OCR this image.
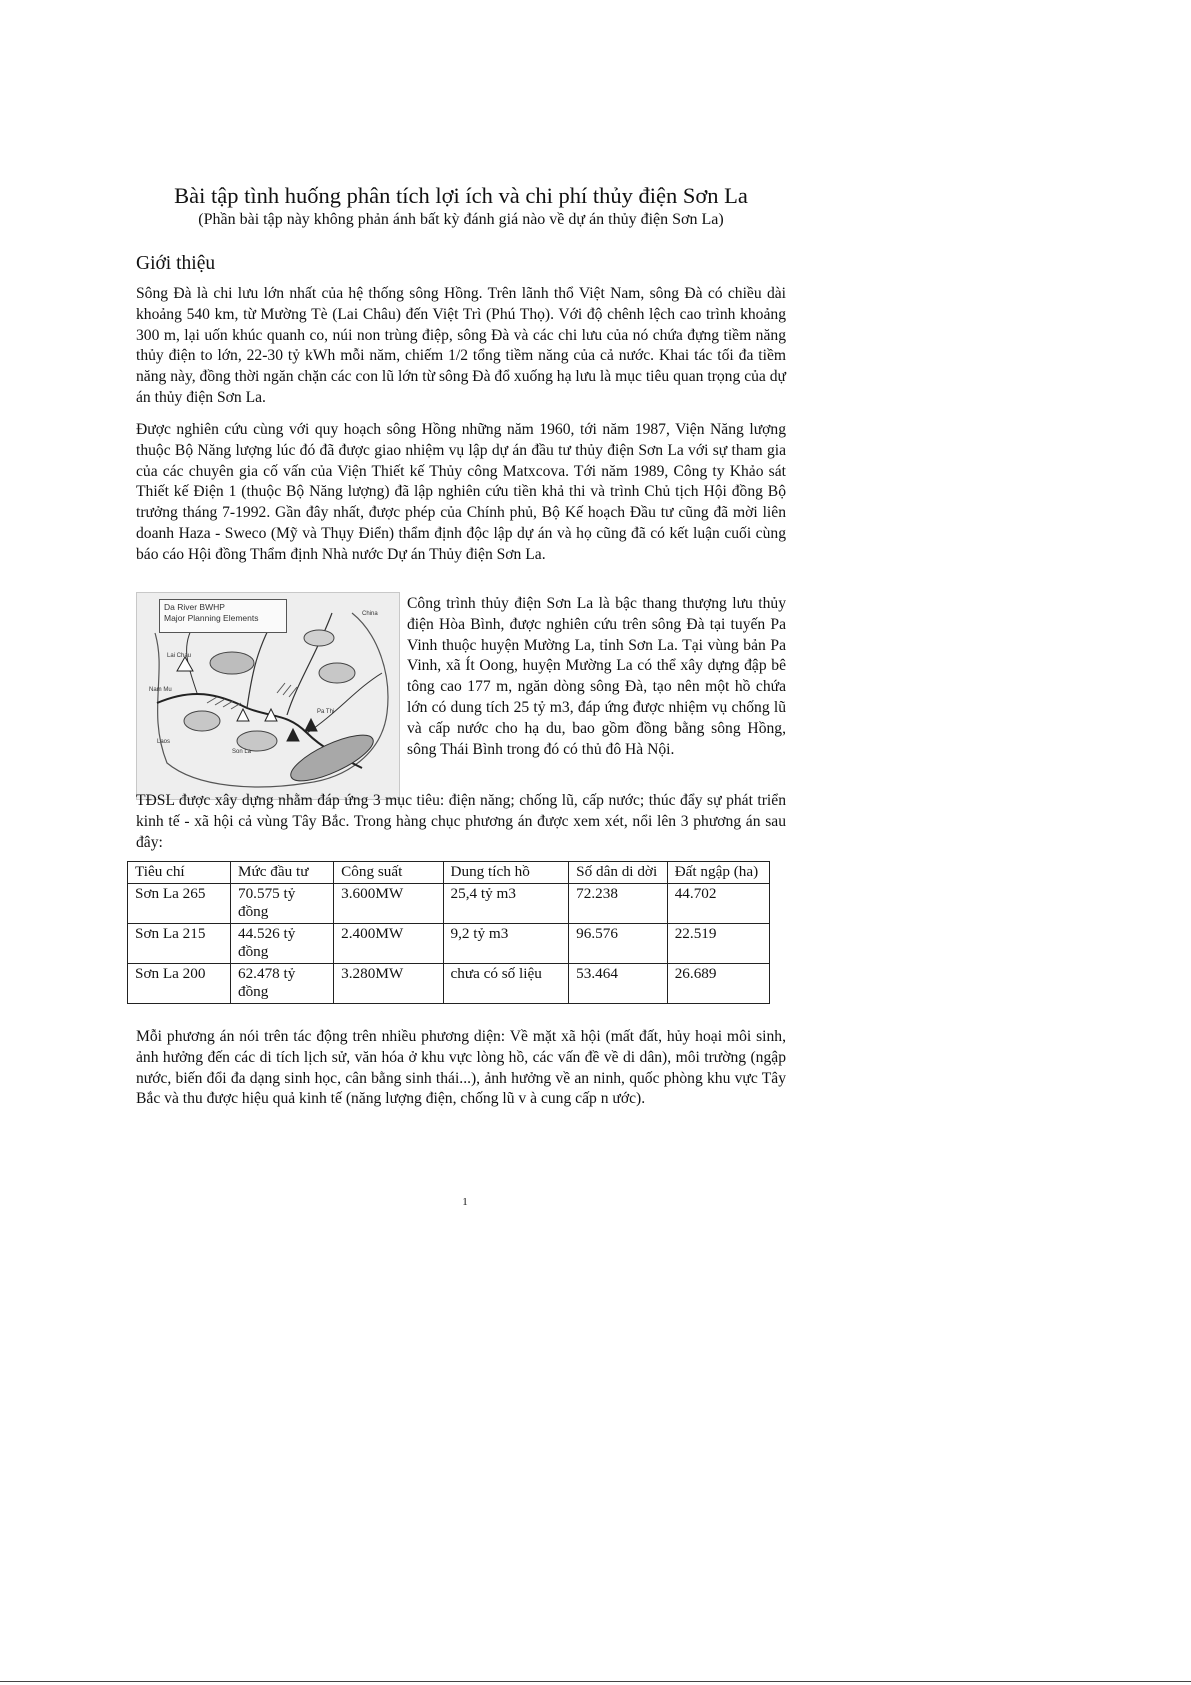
Bài tập tình huống phân tích lợi ích và chi phí thủy điện Sơn La
(Phần bài tập này không phản ánh bất kỳ đánh giá nào về dự án thủy điện Sơn La)
Giới thiệu

Sông Đà là chi lưu lớn nhất của hệ thống sông Hồng. Trên lãnh thổ Việt Nam, sông Đà có chiều dài khoảng 540 km, từ Mường Tè (Lai Châu) đến Việt Trì (Phú Thọ). Với độ chênh lệch cao trình khoảng 300 m, lại uốn khúc quanh co, núi non trùng điệp, sông Đà và các chi lưu của nó chứa đựng tiềm năng thủy điện to lớn, 22-30 tỷ kWh mỗi năm, chiếm 1/2 tổng tiềm năng của cả nước. Khai tác tối đa tiềm năng này, đồng thời ngăn chặn các con lũ lớn từ sông Đà đổ xuống hạ lưu là mục tiêu quan trọng của dự án thủy điện Sơn La.

Được nghiên cứu cùng với quy hoạch sông Hồng những năm 1960, tới năm 1987, Viện Năng lượng thuộc Bộ Năng lượng lúc đó đã được giao nhiệm vụ lập dự án đầu tư thủy điện Sơn La với sự tham gia của các chuyên gia cố vấn của Viện Thiết kế Thủy công Matxcova. Tới năm 1989, Công ty Khảo sát Thiết kế Điện 1 (thuộc Bộ Năng lượng) đã lập nghiên cứu tiền khả thi và trình Chủ tịch Hội đồng Bộ trưởng tháng 7-1992. Gần đây nhất, được phép của Chính phủ, Bộ Kế hoạch Đầu tư cũng đã mời liên doanh Haza - Sweco (Mỹ và Thụy Điển) thẩm định độc lập dự án và họ cũng đã có kết luận cuối cùng báo cáo Hội đồng Thẩm định Nhà nước Dự án Thủy điện Sơn La.

Lai Chau
Nam Mu
Son La
Pa Thi
Laos
China
Da River BWHP
Major Planning Elements

Công trình thủy điện Sơn La là bậc thang thượng lưu thủy điện Hòa Bình, được nghiên cứu trên sông Đà tại tuyến Pa Vinh thuộc huyện Mường La, tỉnh Sơn La. Tại vùng bản Pa Vinh, xã Ít Oong, huyện Mường La có thể xây dựng đập bê tông cao 177 m, ngăn dòng sông Đà, tạo nên một hồ chứa lớn có dung tích 25 tỷ m3, đáp ứng được nhiệm vụ chống lũ và cấp nước cho hạ du, bao gồm đồng bằng sông Hồng, sông Thái Bình trong đó có thủ đô Hà Nội.

TĐSL được xây dựng nhằm đáp ứng 3 mục tiêu: điện năng; chống lũ, cấp nước; thúc đẩy sự phát triển kinh tế - xã hội cả vùng Tây Bắc. Trong hàng chục phương án được xem xét, nổi lên 3 phương án sau đây:

Tiêu chí	Mức đầu tư	Công suất	Dung tích hồ	Số dân di dời	Đất ngập (ha)
Sơn La 265	70.575 tỷ đồng	3.600MW	25,4 tỷ m3	72.238	44.702
Sơn La 215	44.526 tỷ đồng	2.400MW	9,2 tỷ m3	96.576	22.519
Sơn La 200	62.478 tỷ đồng	3.280MW	chưa có số liệu	53.464	26.689

Mỗi phương án nói trên tác động trên nhiều phương diện: Về mặt xã hội (mất đất, hủy hoại môi sinh, ảnh hưởng đến các di tích lịch sử, văn hóa ở khu vực lòng hồ, các vấn đề về di dân), môi trường (ngập nước, biến đổi đa dạng sinh học, cân bằng sinh thái...), ảnh hưởng về an ninh, quốc phòng khu vực Tây Bắc và thu được hiệu quả kinh tế (năng lượng điện, chống lũ v à cung cấp n ước).

1
